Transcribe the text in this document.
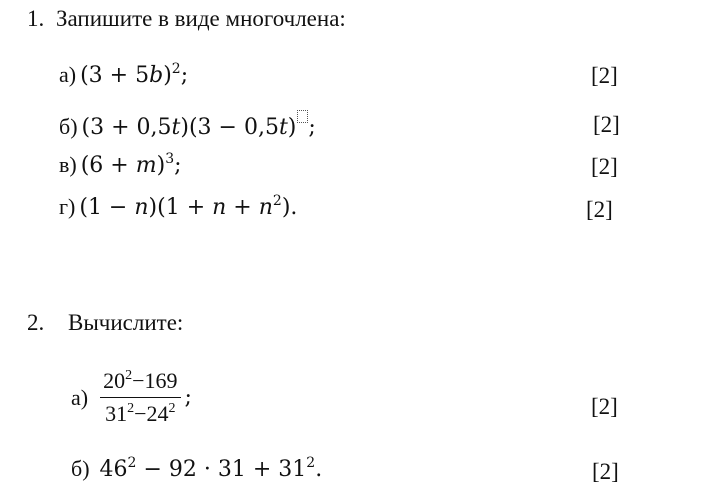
1. Запишите в виде многочлена:
а) $(3 + 5b)^2$;	[2]
б) (3 + 0,5t)(3 − 0,5t) ;	[2]
в) $(6 + m)^3$;	[2]
г) $(1 - n)(1 + n + n^2)$.	[2]
2. Вычислите:
$а) \frac{20^2-169}{31^2-24^2}$ ;	[2]
б) $46^2 - 92 \cdot 31 + 31^2$.	[2]
